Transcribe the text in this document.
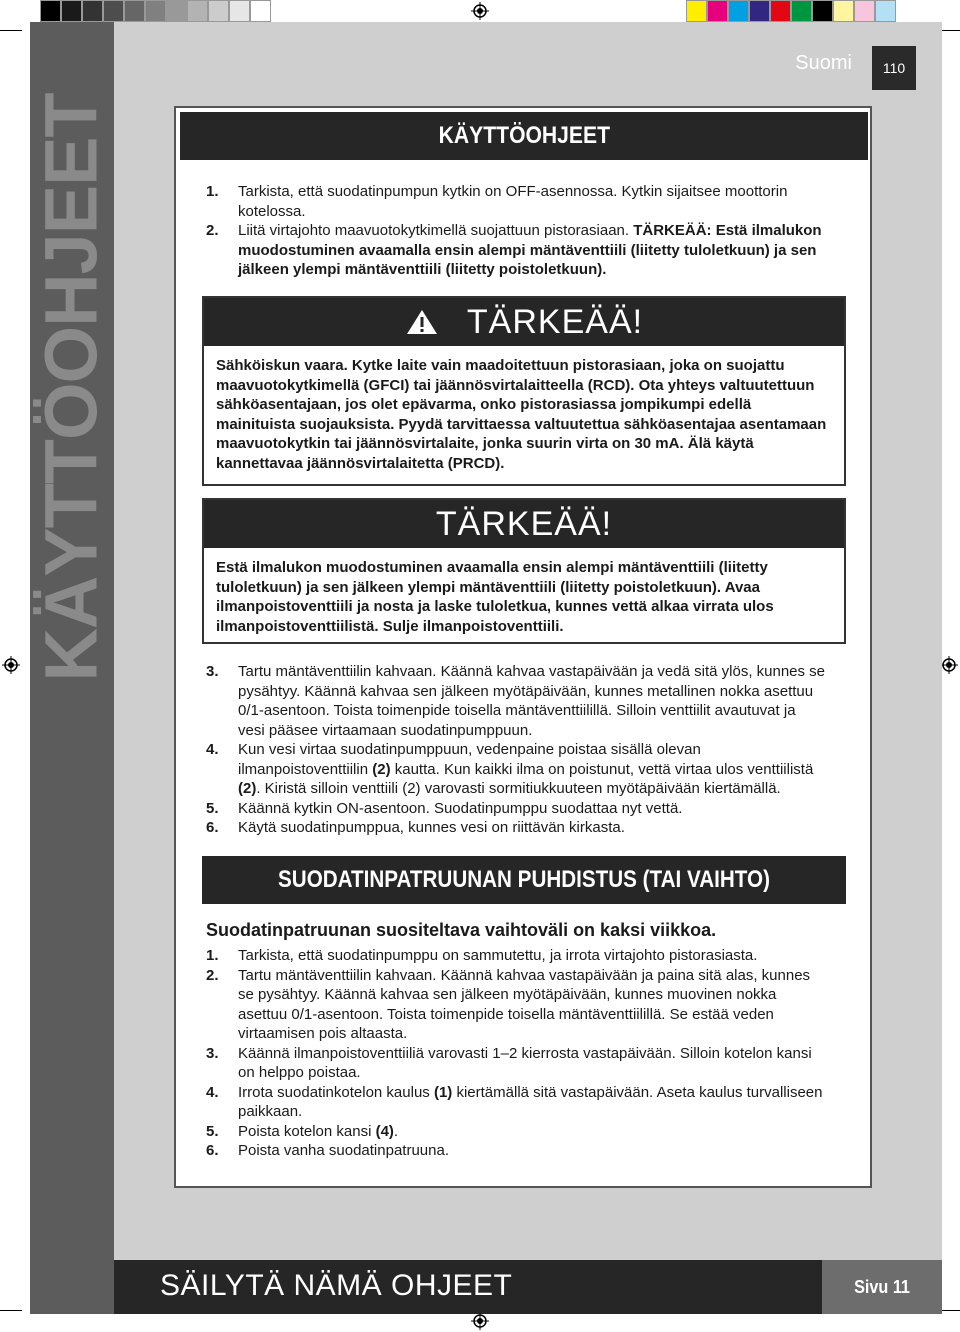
KÄYTTÖOHJEET
Suomi	110
KÄYTTÖOHJEET
1.	Tarkista, että suodatinpumpun kytkin on OFF-asennossa. Kytkin sijaitsee moottorin kotelossa.
2.	Liitä virtajohto maavuotokytkimellä suojattuun pistorasiaan. TÄRKEÄÄ: Estä ilmalukon muodostuminen avaamalla ensin alempi mäntäventtiili (liitetty tuloletkuun) ja sen jälkeen ylempi mäntäventtiili (liitetty poistoletkuun).
TÄRKEÄÄ!
Sähköiskun vaara. Kytke laite vain maadoitettuun pistorasiaan, joka on suojattu maavuotokytkimellä (GFCI) tai jäännösvirtalaitteella (RCD). Ota yhteys valtuutettuun sähköasentajaan, jos olet epävarma, onko pistorasiassa jompikumpi edellä mainituista suojauksista. Pyydä tarvittaessa valtuutettua sähköasentajaa asentamaan maavuotokytkin tai jäännösvirtalaite, jonka suurin virta on 30 mA. Älä käytä kannettavaa jäännösvirtalaitetta (PRCD).
TÄRKEÄÄ!
Estä ilmalukon muodostuminen avaamalla ensin alempi mäntäventtiili (liitetty tuloletkuun) ja sen jälkeen ylempi mäntäventtiili (liitetty poistoletkuun). Avaa ilmanpoistoventtiili ja nosta ja laske tuloletkua, kunnes vettä alkaa virrata ulos ilmanpoistoventtiilistä. Sulje ilmanpoistoventtiili.
3.	Tartu mäntäventtiilin kahvaan. Käännä kahvaa vastapäivään ja vedä sitä ylös, kunnes se pysähtyy. Käännä kahvaa sen jälkeen myötäpäivään, kunnes metallinen nokka asettuu 0/1-asentoon. Toista toimenpide toisella mäntäventtiilillä. Silloin venttiilit avautuvat ja vesi pääsee virtaamaan suodatinpumppuun.
4.	Kun vesi virtaa suodatinpumppuun, vedenpaine poistaa sisällä olevan ilmanpoistoventtiilin (2) kautta. Kun kaikki ilma on poistunut, vettä virtaa ulos venttiilistä (2). Kiristä silloin venttiili (2) varovasti sormitiukkuuteen myötäpäivään kiertämällä.
5.	Käännä kytkin ON-asentoon. Suodatinpumppu suodattaa nyt vettä.
6.	Käytä suodatinpumppua, kunnes vesi on riittävän kirkasta.
SUODATINPATRUUNAN PUHDISTUS (TAI VAIHTO)
Suodatinpatruunan suositeltava vaihtoväli on kaksi viikkoa.
1.	Tarkista, että suodatinpumppu on sammutettu, ja irrota virtajohto pistorasiasta.
2.	Tartu mäntäventtiilin kahvaan. Käännä kahvaa vastapäivään ja paina sitä alas, kunnes se pysähtyy. Käännä kahvaa sen jälkeen myötäpäivään, kunnes muovinen nokka asettuu 0/1-asentoon. Toista toimenpide toisella mäntäventtiilillä. Se estää veden virtaamisen pois altaasta.
3.	Käännä ilmanpoistoventtiiliä varovasti 1–2 kierrosta vastapäivään. Silloin kotelon kansi on helppo poistaa.
4.	Irrota suodatinkotelon kaulus (1) kiertämällä sitä vastapäivään. Aseta kaulus turvalliseen paikkaan.
5.	Poista kotelon kansi (4).
6.	Poista vanha suodatinpatruuna.
SÄILYTÄ NÄMÄ OHJEET	Sivu 11
